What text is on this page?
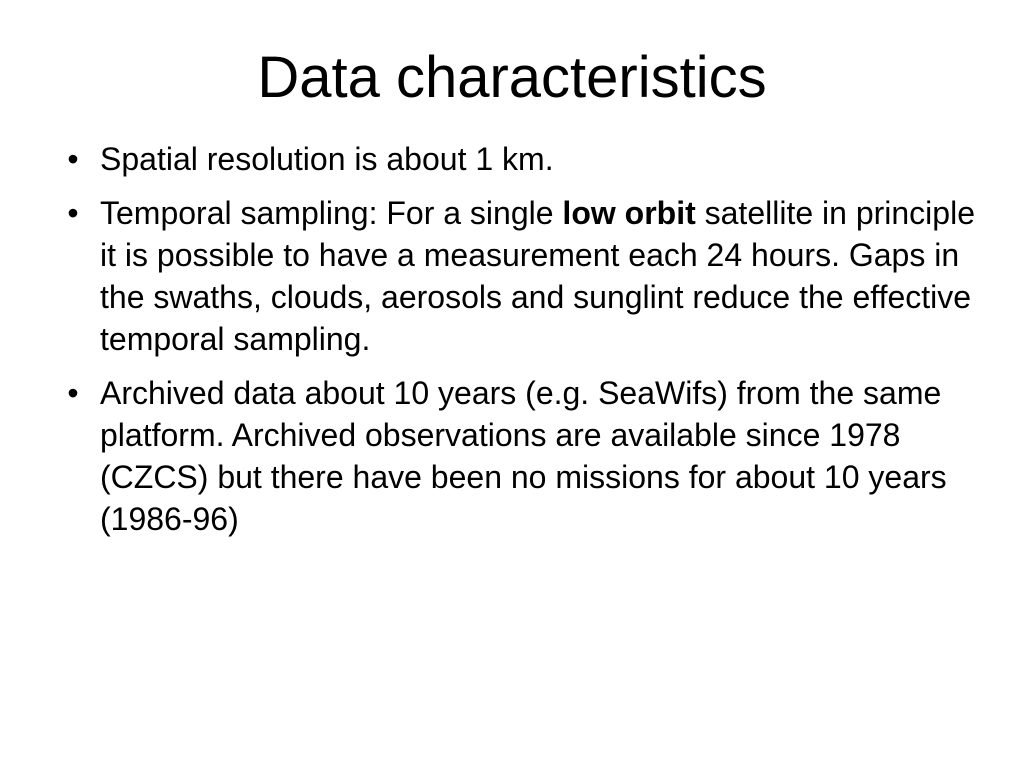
Data characteristics
• Spatial resolution is about 1 km.
• Temporal sampling: For a single low orbit satellite in principle it is possible to have a measurement each 24 hours. Gaps in the swaths, clouds, aerosols and sunglint reduce the effective temporal sampling.
• Archived data about 10 years (e.g. SeaWifs) from the same platform. Archived observations are available since 1978 (CZCS) but there have been no missions for about 10 years (1986-96)
